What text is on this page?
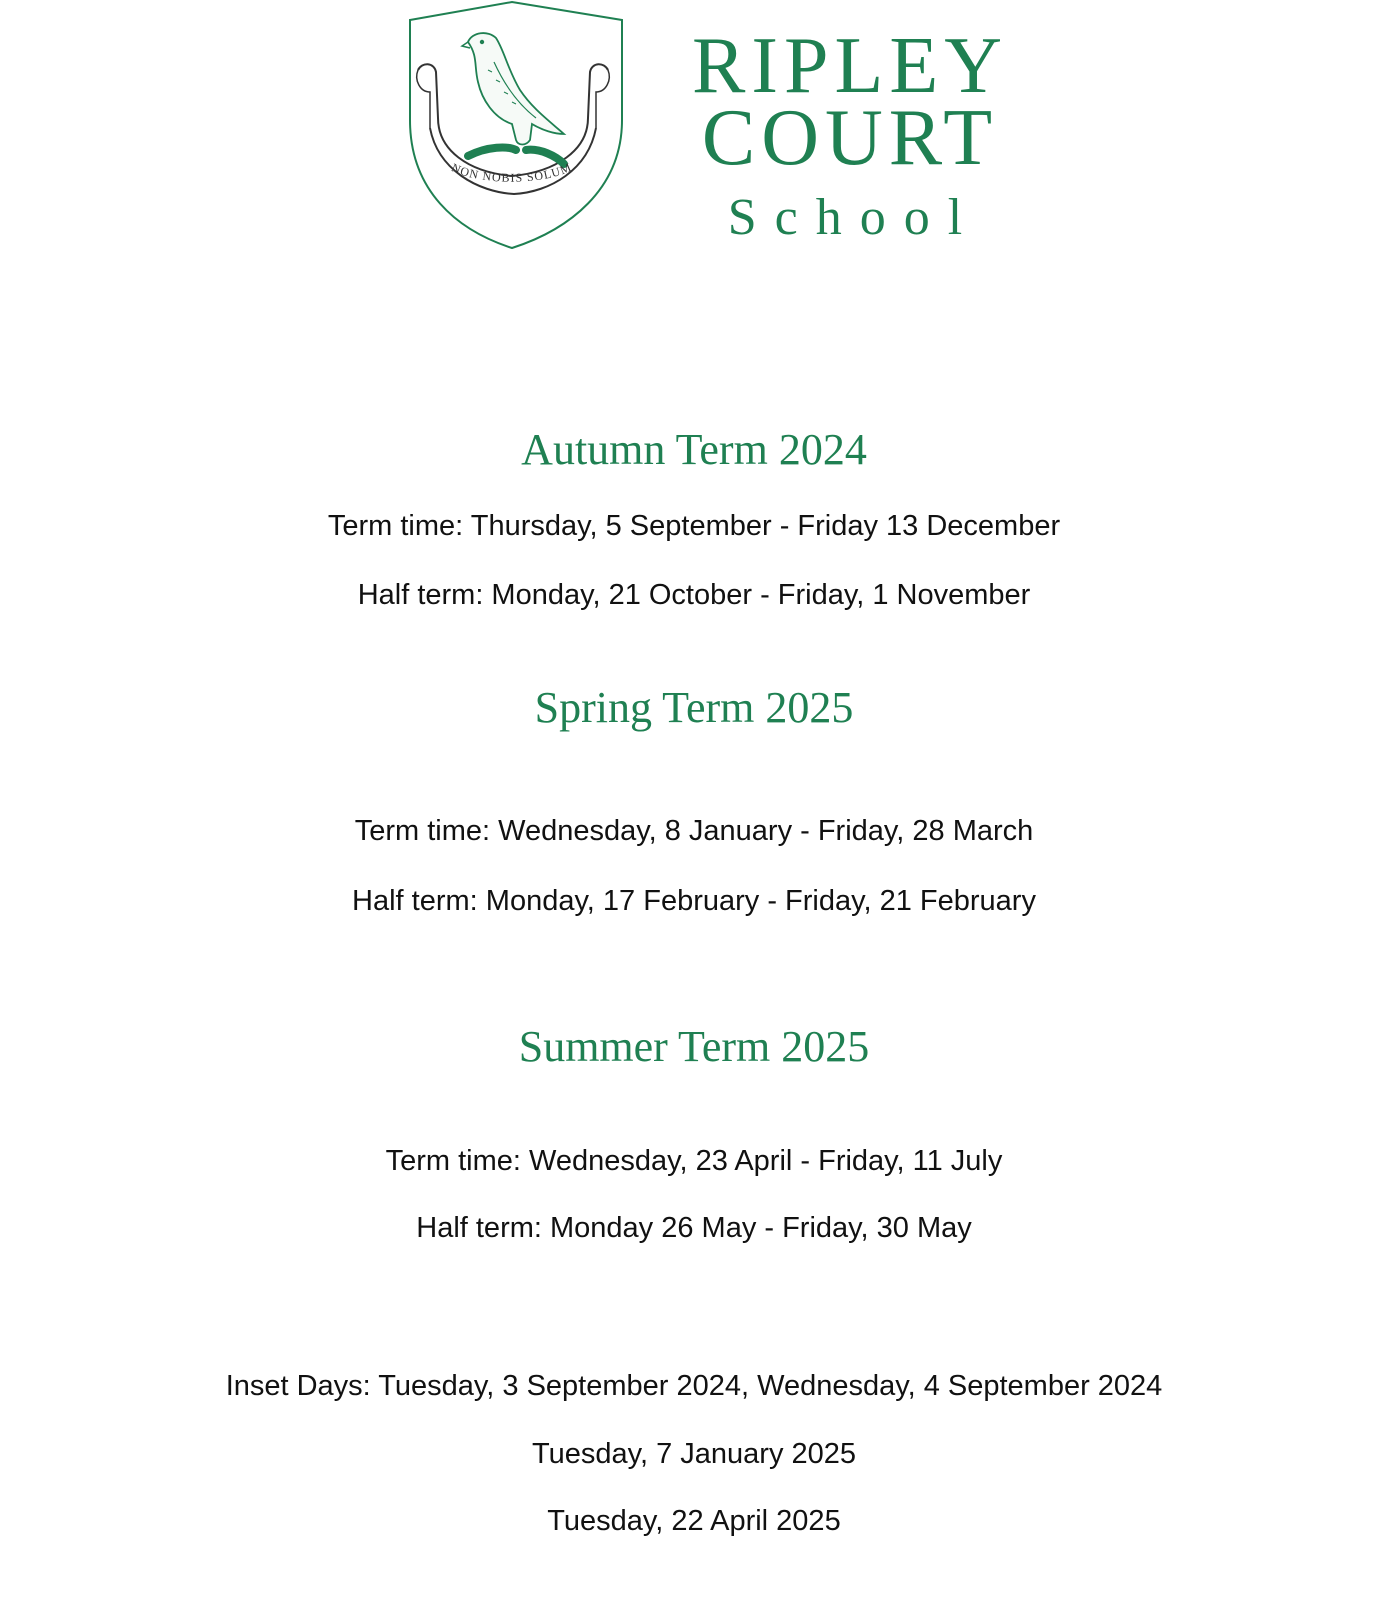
NON NOBIS SOLUM
RIPLEY
COURT
School
Autumn Term 2024
Term time: Thursday, 5 September - Friday 13 December
Half term: Monday, 21 October - Friday, 1 November
Spring Term 2025
Term time: Wednesday, 8 January - Friday, 28 March
Half term: Monday, 17 February - Friday, 21 February
Summer Term 2025
Term time: Wednesday, 23 April - Friday, 11 July
Half term: Monday 26 May - Friday, 30 May
Inset Days: Tuesday, 3 September 2024, Wednesday, 4 September 2024
Tuesday, 7 January 2025
Tuesday, 22 April 2025
